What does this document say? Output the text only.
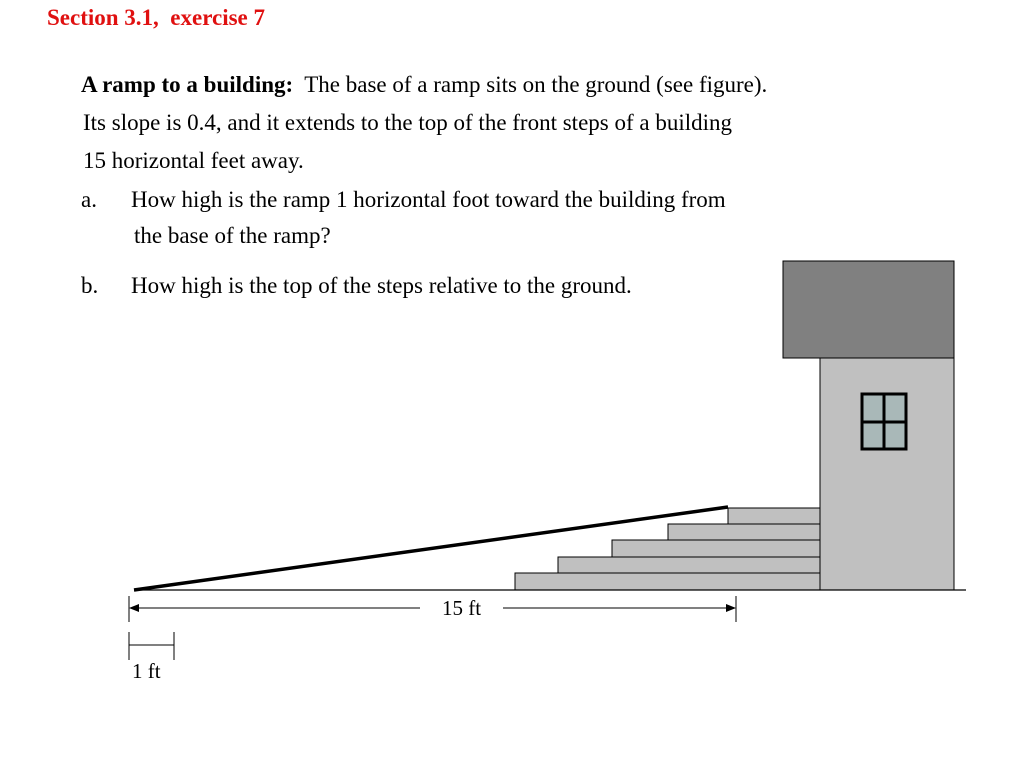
Section 3.1,  exercise 7
A ramp to a building:  The base of a ramp sits on the ground (see figure).
Its slope is 0.4, and it extends to the top of the front steps of a building
15 horizontal feet away.
a. How high is the ramp 1 horizontal foot toward the building from
the base of the ramp?
b. How high is the top of the steps relative to the ground.
15 ft
1 ft
